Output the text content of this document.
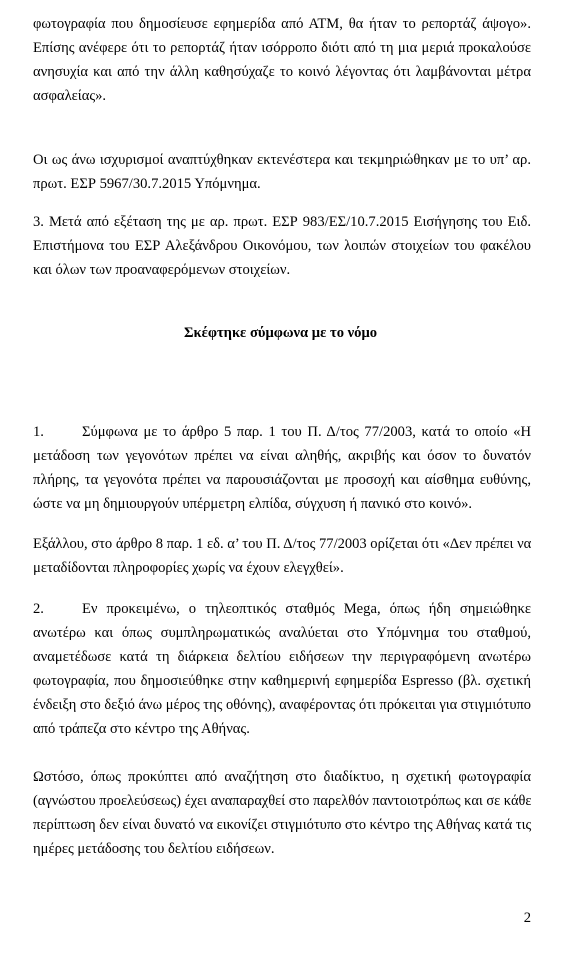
φωτογραφία που δημοσίευσε εφημερίδα από ΑΤΜ, θα ήταν το ρεπορτάζ άψογο».
Επίσης ανέφερε ότι το ρεπορτάζ ήταν ισόρροπο διότι από τη μια μεριά προκαλούσε
ανησυχία και από την άλλη καθησύχαζε το κοινό λέγοντας ότι λαμβάνονται μέτρα
ασφαλείας».

Οι ως άνω ισχυρισμοί αναπτύχθηκαν εκτενέστερα και τεκμηριώθηκαν με το υπ’ αρ.
πρωτ. ΕΣΡ 5967/30.7.2015 Υπόμνημα.

3. Μετά από εξέταση της με αρ. πρωτ. ΕΣΡ 983/ΕΣ/10.7.2015 Εισήγησης του Ειδ.
Επιστήμονα του ΕΣΡ Αλεξάνδρου Οικονόμου, των λοιπών στοιχείων του φακέλου
και όλων των προαναφερόμενων στοιχείων.

Σκέφτηκε σύμφωνα με το νόμο

1.	Σύμφωνα με το άρθρο 5 παρ. 1 του Π. Δ/τος 77/2003, κατά το οποίο «Η

μετάδοση των γεγονότων πρέπει να είναι αληθής, ακριβής και όσον το δυνατόν
πλήρης, τα γεγονότα πρέπει να παρουσιάζονται με προσοχή και αίσθημα ευθύνης,
ώστε να μη δημιουργούν υπέρμετρη ελπίδα, σύγχυση ή πανικό στο κοινό».

Εξάλλου, στο άρθρο 8 παρ. 1 εδ. α’ του Π. Δ/τος 77/2003 ορίζεται ότι «Δεν πρέπει να
μεταδίδονται πληροφορίες χωρίς να έχουν ελεγχθεί».

2.	Εν προκειμένω, ο τηλεοπτικός σταθμός Mega, όπως ήδη σημειώθηκε

ανωτέρω και όπως συμπληρωματικώς αναλύεται στο Υπόμνημα του σταθμού,
αναμετέδωσε κατά τη διάρκεια δελτίου ειδήσεων την περιγραφόμενη ανωτέρω
φωτογραφία, που δημοσιεύθηκε στην καθημερινή εφημερίδα Espresso (βλ. σχετική
ένδειξη στο δεξιό άνω μέρος της οθόνης), αναφέροντας ότι πρόκειται για στιγμιότυπο
από τράπεζα στο κέντρο της Αθήνας.

Ωστόσο, όπως προκύπτει από αναζήτηση στο διαδίκτυο, η σχετική φωτογραφία
(αγνώστου προελεύσεως) έχει αναπαραχθεί στο παρελθόν παντοιοτρόπως και σε κάθε
περίπτωση δεν είναι δυνατό να εικονίζει στιγμιότυπο στο κέντρο της Αθήνας κατά τις
ημέρες μετάδοσης του δελτίου ειδήσεων.

2
